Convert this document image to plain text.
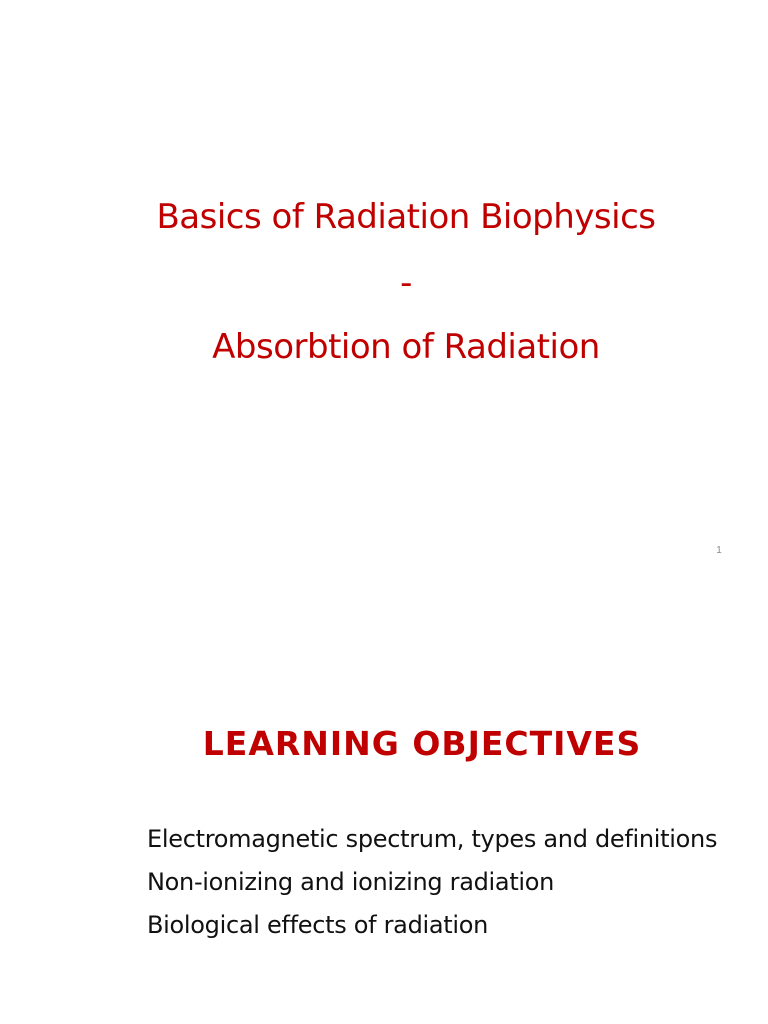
Basics of Radiation Biophysics
-
Absorbtion of Radiation
1
LEARNING OBJECTIVES
Electromagnetic spectrum, types and definitions
Non-ionizing and ionizing radiation
Biological effects of radiation
